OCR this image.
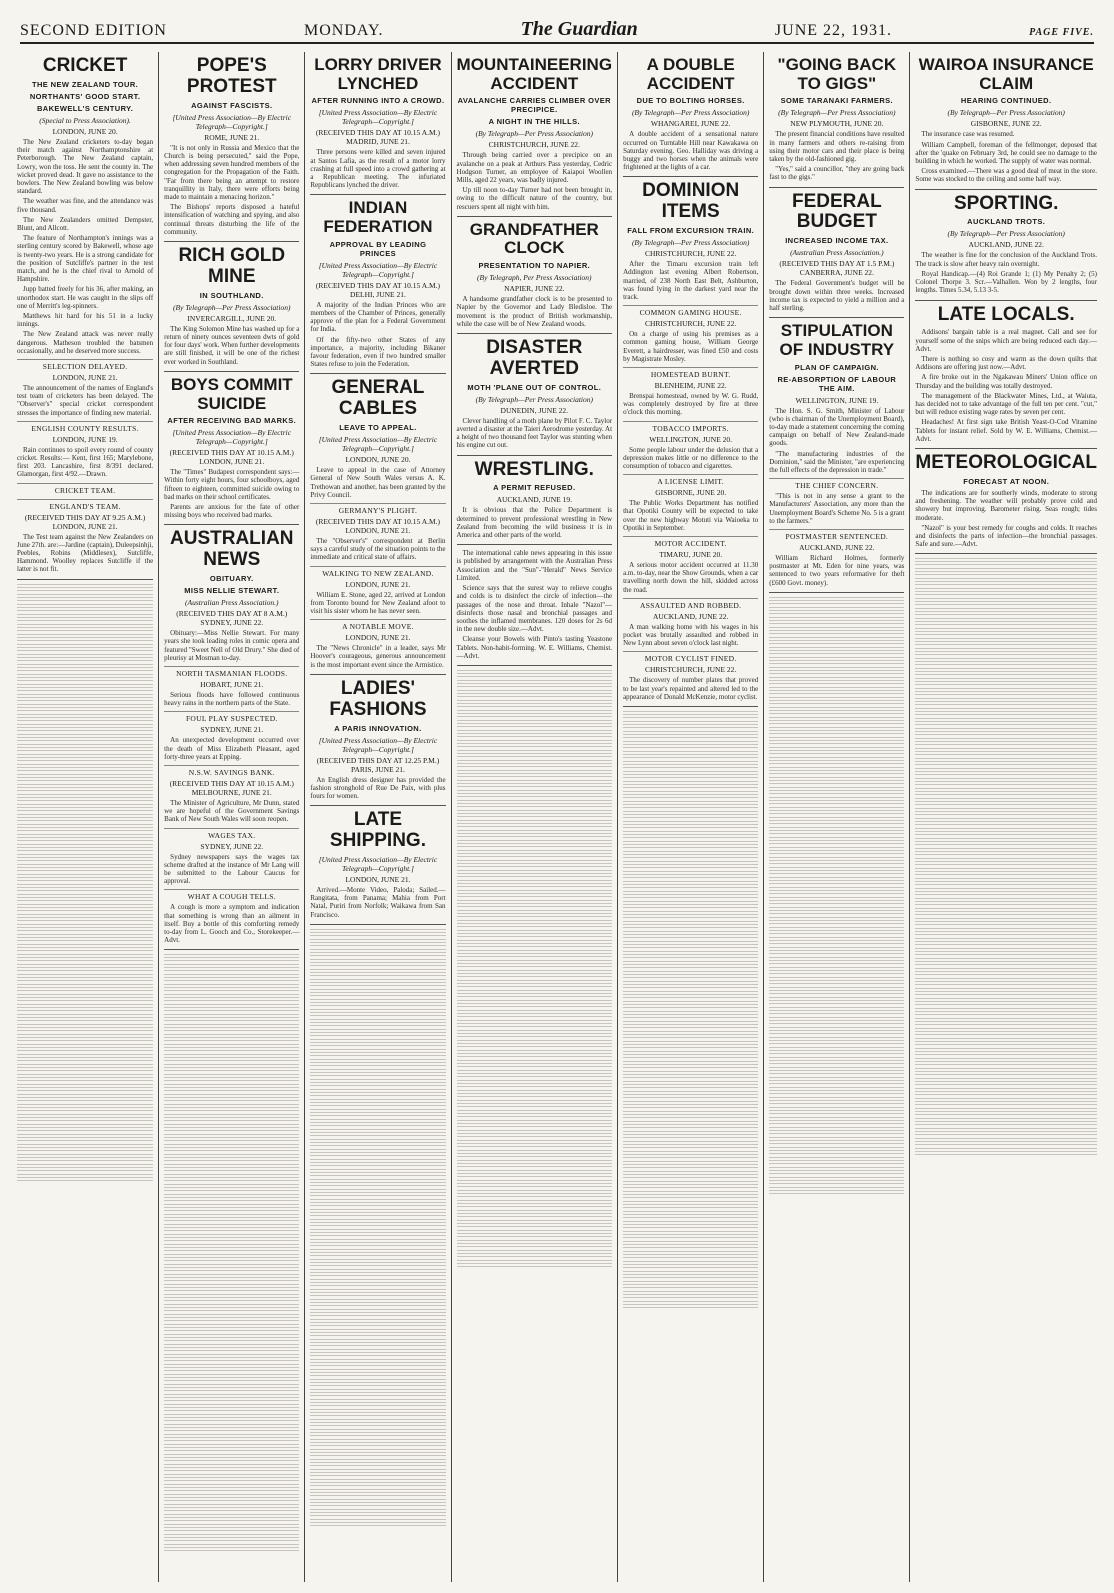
SECOND EDITION	MONDAY.	The Guardian	JUNE 22, 1931.	PAGE FIVE.
CRICKET
THE NEW ZEALAND TOUR.
NORTHANTS' GOOD START.
BAKEWELL'S CENTURY.
(Special to Press Association).
LONDON, JUNE 20.

The New Zealand cricketers to-day began their match against Northamptonshire at Peterborough. The New Zealand captain, Lowry, won the toss. He sent the county in. The wicket proved dead. It gave no assistance to the bowlers. The New Zealand bowling was below standard.

The weather was fine, and the attendance was five thousand.

The New Zealanders omitted Dempster, Blunt, and Allcott.

The feature of Northampton's innings was a sterling century scored by Bakewell, whose age is twenty-two years. He is a strong candidate for the position of Sutcliffe's partner in the test match, and he is the chief rival to Arnold of Hampshire.

Jupp batted freely for his 36, after making, an unorthodox start. He was caught in the slips off one of Merritt's leg-spinners.

Matthews hit hard for his 51 in a lucky innings.

The New Zealand attack was never really dangerous. Matheson troubled the batsmen occasionally, and he deserved more success.

SELECTION DELAYED.
LONDON, JUNE 21.

The announcement of the names of England's test team of cricketers has been delayed. The "Observer's" special cricket correspondent stresses the importance of finding new material.

ENGLISH COUNTY RESULTS.
LONDON, JUNE 19.

Rain continues to spoil every round of county cricket. Results:— Kent, first 165; Marylebone, first 203. Lancashire, first 8/391 declared. Glamorgan, first 4/92.—Drawn.

CRICKET TEAM.
ENGLAND'S TEAM.
(RECEIVED THIS DAY AT 9.25 A.M.) LONDON, JUNE 21.

The Test team against the New Zealanders on June 27th. are:—Jardine (captain), Duleepsinhji, Peebles, Robins (Middlesex), Sutcliffe, Hammond. Woolley replaces Sutcliffe if the latter is not fit.

POPE'S PROTEST
AGAINST FASCISTS.
[United Press Association—By Electric Telegraph—Copyright.]
ROME, JUNE 21.

"It is not only in Russia and Mexico that the Church is being persecuted," said the Pope, when addressing seven hundred members of the congregation for the Propagation of the Faith. "Far from there being an attempt to restore tranquillity in Italy, there were efforts being made to maintain a menacing horizon."

The Bishops' reports disposed a hateful intensification of watching and spying, and also continual threats disturbing the life of the community.

RICH GOLD MINE
IN SOUTHLAND.
(By Telegraph—Per Press Association)
INVERCARGILL, JUNE 20.

The King Solomon Mine has washed up for a return of ninety ounces seventeen dwts of gold for four days' work. When further developments are still finished, it will be one of the richest ever worked in Southland.

BOYS COMMIT SUICIDE
AFTER RECEIVING BAD MARKS.
[United Press Association—By Electric Telegraph—Copyright.]
(RECEIVED THIS DAY AT 10.15 A.M.) LONDON, JUNE 21.

The "Times" Budapest correspondent says:—Within forty eight hours, four schoolboys, aged fifteen to eighteen, committed suicide owing to bad marks on their school certificates.

Parents are anxious for the fate of other missing boys who received bad marks.

AUSTRALIAN NEWS
OBITUARY.
MISS NELLIE STEWART.
(Australian Press Association.)
(RECEIVED THIS DAY AT 8 A.M.) SYDNEY, JUNE 22.

Obituary:—Miss Nellie Stewart. For many years she took leading roles in comic opera and featured "Sweet Nell of Old Drury." She died of pleurisy at Mosman to-day.

NORTH TASMANIAN FLOODS.
HOBART, JUNE 21.

Serious floods have followed continuous heavy rains in the northern parts of the State.

FOUL PLAY SUSPECTED.
SYDNEY, JUNE 21.

An unexpected development occurred over the death of Miss Elizabeth Pleasant, aged forty-three years at Epping.

N.S.W. SAVINGS BANK.
(RECEIVED THIS DAY AT 10.15 A.M.) MELBOURNE, JUNE 21.

The Minister of Agriculture, Mr Dunn, stated we are hopeful of the Government Savings Bank of New South Wales will soon reopen.

WAGES TAX.
SYDNEY, JUNE 22.

Sydney newspapers says the wages tax scheme drafted at the instance of Mr Lang will be submitted to the Labour Caucus for approval.

WHAT A COUGH TELLS.

A cough is more a symptom and indication that something is wrong than an ailment in itself. Buy a bottle of this comforting remedy to-day from L. Gooch and Co., Storekeeper.—Advt.

LORRY DRIVER LYNCHED
AFTER RUNNING INTO A CROWD.
[United Press Association—By Electric Telegraph—Copyright.]
(RECEIVED THIS DAY AT 10.15 A.M.) MADRID, JUNE 21.

Three persons were killed and seven injured at Santos Lafia, as the result of a motor lorry crashing at full speed into a crowd gathering at a Republican meeting. The infuriated Republicans lynched the driver.

INDIAN FEDERATION
APPROVAL BY LEADING PRINCES
[United Press Association—By Electric Telegraph—Copyright.]
(RECEIVED THIS DAY AT 10.15 A.M.) DELHI, JUNE 21.

A majority of the Indian Princes who are members of the Chamber of Princes, generally approve of the plan for a Federal Government for India.

Of the fifty-two other States of any importance, a majority, including Bikaner favour federation, even if two hundred smaller States refuse to join the Federation.

GENERAL CABLES
LEAVE TO APPEAL.
[United Press Association—By Electric Telegraph—Copyright.]
LONDON, JUNE 20.

Leave to appeal in the case of Attorney General of New South Wales versus A. K. Trethowan and another, has been granted by the Privy Council.

GERMANY'S PLIGHT.
(RECEIVED THIS DAY AT 10.15 A.M.) LONDON, JUNE 21.

The "Observer's" correspondent at Berlin says a careful study of the situation points to the immediate and critical state of affairs.

WALKING TO NEW ZEALAND.
LONDON, JUNE 21.

William E. Stone, aged 22, arrived at London from Toronto bound for New Zealand afoot to visit his sister whom he has never seen.

A NOTABLE MOVE.
LONDON, JUNE 21.

The "News Chronicle" in a leader, says Mr Hoover's courageous, generous announcement is the most important event since the Armistice.

LADIES' FASHIONS
A PARIS INNOVATION.
[United Press Association—By Electric Telegraph—Copyright.]
(RECEIVED THIS DAY AT 12.25 P.M.) PARIS, JUNE 21.

An English dress designer has provided the fashion stronghold of Rue De Paix, with plus fours for women.

LATE SHIPPING.
[United Press Association—By Electric Telegraph—Copyright.]
LONDON, JUNE 21.

Arrived.—Monte Video, Paloda; Sailed.—Rangitata, from Panama; Mahia from Port Natal, Puriri from Norfolk; Waikawa from San Francisco.

MOUNTAINEERING ACCIDENT
AVALANCHE CARRIES CLIMBER OVER PRECIPICE.
A NIGHT IN THE HILLS.
(By Telegraph—Per Press Association)
CHRISTCHURCH, JUNE 22.

Through being carried over a precipice on an avalanche on a peak at Arthurs Pass yesterday, Cedric Hodgson Turner, an employee of Kaiapoi Woollen Mills, aged 22 years, was badly injured.

Up till noon to-day Turner had not been brought in, owing to the difficult nature of the country, but rescuers spent all night with him.

GRANDFATHER CLOCK
PRESENTATION TO NAPIER.
(By Telegraph, Per Press Association)
NAPIER, JUNE 22.

A handsome grandfather clock is to be presented to Napier by the Governor and Lady Bledisloe. The movement is the product of British workmanship, while the case will be of New Zealand woods.

DISASTER AVERTED
MOTH 'PLANE OUT OF CONTROL.
(By Telegraph—Per Press Association)
DUNEDIN, JUNE 22.

Clever handling of a moth plane by Pilot F. C. Taylor averted a disaster at the Taieri Aerodrome yesterday. At a height of two thousand feet Taylor was stunting when his engine cut out.

WRESTLING.
A PERMIT REFUSED.
AUCKLAND, JUNE 19.

It is obvious that the Police Department is determined to prevent professional wrestling in New Zealand from becoming the wild business it is in America and other parts of the world.

The international cable news appearing in this issue is published by arrangement with the Australian Press Association and the "Sun"-"Herald" News Service Limited.

Science says that the surest way to relieve coughs and colds is to disinfect the circle of infection—the passages of the nose and throat. Inhale "Nazol"—disinfects those nasal and bronchial passages and soothes the inflamed membranes. 120 doses for 2s 6d in the new double size.—Advt.

Cleanse your Bowels with Pinto's tasting Yeastone Tablets. Non-habit-forming. W. E. Williams, Chemist.—Advt.

A DOUBLE ACCIDENT
DUE TO BOLTING HORSES.
(By Telegraph—Per Press Association)
WHANGAREI, JUNE 22.

A double accident of a sensational nature occurred on Turntable Hill near Kawakawa on Saturday evening. Geo. Halliday was driving a buggy and two horses when the animals were frightened at the lights of a car.

DOMINION ITEMS
FALL FROM EXCURSION TRAIN.
(By Telegraph—Per Press Association)
CHRISTCHURCH, JUNE 22.

After the Timaru excursion train left Addington last evening Albert Robertson, married, of 238 North East Belt, Ashburton, was found lying in the darkest yard near the track.

COMMON GAMING HOUSE.
CHRISTCHURCH, JUNE 22.

On a charge of using his premises as a common gaming house, William George Everett, a hairdresser, was fined £50 and costs by Magistrate Mosley.

HOMESTEAD BURNT.
BLENHEIM, JUNE 22.

Brenspai homestead, owned by W. G. Rudd, was completely destroyed by fire at three o'clock this morning.

TOBACCO IMPORTS.
WELLINGTON, JUNE 20.

Some people labour under the delusion that a depression makes little or no difference to the consumption of tobacco and cigarettes.

A LICENSE LIMIT.
GISBORNE, JUNE 20.

The Public Works Department has notified that Opotiki County will be expected to take over the new highway Motuti via Waioeka to Opotiki in September.

MOTOR ACCIDENT.
TIMARU, JUNE 20.

A serious motor accident occurred at 11.30 a.m. to-day, near the Show Grounds, when a car travelling north down the hill, skidded across the road.

ASSAULTED AND ROBBED.
AUCKLAND, JUNE 22.

A man walking home with his wages in his pocket was brutally assaulted and robbed in New Lynn about seven o'clock last night.

MOTOR CYCLIST FINED.
CHRISTCHURCH, JUNE 22.

The discovery of number plates that proved to be last year's repainted and altered led to the appearance of Donald McKenzie, motor cyclist.

"GOING BACK TO GIGS"
SOME TARANAKI FARMERS.
(By Telegraph—Per Press Association)
NEW PLYMOUTH, JUNE 20.

The present financial conditions have resulted in many farmers and others re-raising from using their motor cars and their place is being taken by the old-fashioned gig.

"Yes," said a councillor, "they are going back fast to the gigs."

FEDERAL BUDGET
INCREASED INCOME TAX.
(Australian Press Association.)
(RECEIVED THIS DAY AT 1.5 P.M.) CANBERRA, JUNE 22.

The Federal Government's budget will be brought down within three weeks. Increased income tax is expected to yield a million and a half sterling.

STIPULATION OF INDUSTRY
PLAN OF CAMPAIGN.
RE-ABSORPTION OF LABOUR THE AIM.
WELLINGTON, JUNE 19.

The Hon. S. G. Smith, Minister of Labour (who is chairman of the Unemployment Board), to-day made a statement concerning the coming campaign on behalf of New Zealand-made goods.

"The manufacturing industries of the Dominion," said the Minister, "are experiencing the full effects of the depression in trade."

THE CHIEF CONCERN.

"This is not in any sense a grant to the Manufacturers' Association, any more than the Unemployment Board's Scheme No. 5 is a grant to the farmers."

POSTMASTER SENTENCED.
AUCKLAND, JUNE 22.

William Richard Holmes, formerly postmaster at Mt. Eden for nine years, was sentenced to two years reformative for theft (£600 Govt. money).

WAIROA INSURANCE CLAIM
HEARING CONTINUED.
(By Telegraph—Per Press Association)
GISBORNE, JUNE 22.

The insurance case was resumed.

William Campbell, foreman of the fellmonger, deposed that after the 'quake on February 3rd, he could see no damage to the building in which he worked. The supply of water was normal.

Cross examined.—There was a good deal of meat in the store. Some was stocked to the ceiling and some half way.

SPORTING.
AUCKLAND TROTS.
(By Telegraph—Per Press Association)
AUCKLAND, JUNE 22.

The weather is fine for the conclusion of the Auckland Trots. The track is slow after heavy rain overnight.

Royal Handicap.—(4) Roi Grande 1; (1) My Penalty 2; (5) Colonel Thorpe 3. Scr.—Valhallen. Won by 2 lengths, four lengths. Times 5.34, 5.13 3-5.

LATE LOCALS.

Addisons' bargain table is a real magnet. Call and see for yourself some of the snips which are being reduced each day.—Advt.

There is nothing so cosy and warm as the down quilts that Addisons are offering just now.—Advt.

A fire broke out in the Ngakawau Miners' Union office on Thursday and the building was totally destroyed.

The management of the Blackwater Mines, Ltd., at Waiuta, has decided not to take advantage of the full ten per cent. "cut," but will reduce existing wage rates by seven per cent.

Headaches! At first sign take British Yeast-O-Cod Vitamine Tablets for instant relief. Sold by W. E. Williams, Chemist.—Advt.

METEOROLOGICAL
FORECAST AT NOON.

The indications are for southerly winds, moderate to strong and freshening. The weather will probably prove cold and showery but improving. Barometer rising. Seas rough; tides moderate.

"Nazol" is your best remedy for coughs and colds. It reaches and disinfects the parts of infection—the bronchial passages. Safe and sure.—Advt.
